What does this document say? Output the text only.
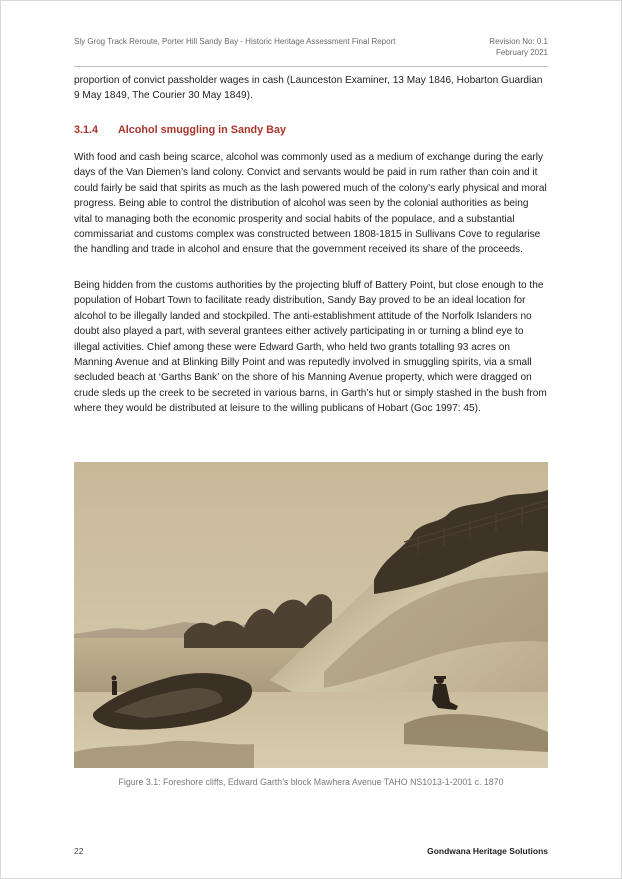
Sly Grog Track Reroute, Porter Hill Sandy Bay - Historic Heritage Assessment Final Report	Revision No: 0.1
February 2021
proportion of convict passholder wages in cash (Launceston Examiner, 13 May 1846, Hobarton Guardian 9 May 1849, The Courier 30 May 1849).
3.1.4 Alcohol smuggling in Sandy Bay
With food and cash being scarce, alcohol was commonly used as a medium of exchange during the early days of the Van Diemen’s land colony. Convict and servants would be paid in rum rather than coin and it could fairly be said that spirits as much as the lash powered much of the colony’s early physical and moral progress. Being able to control the distribution of alcohol was seen by the colonial authorities as being vital to managing both the economic prosperity and social habits of the populace, and a substantial commissariat and customs complex was constructed between 1808-1815 in Sullivans Cove to regularise the handling and trade in alcohol and ensure that the government received its share of the proceeds.
Being hidden from the customs authorities by the projecting bluff of Battery Point, but close enough to the population of Hobart Town to facilitate ready distribution, Sandy Bay proved to be an ideal location for alcohol to be illegally landed and stockpiled. The anti-establishment attitude of the Norfolk Islanders no doubt also played a part, with several grantees either actively participating in or turning a blind eye to illegal activities. Chief among these were Edward Garth, who held two grants totalling 93 acres on Manning Avenue and at Blinking Billy Point and was reputedly involved in smuggling spirits, via a small secluded beach at ‘Garths Bank’ on the shore of his Manning Avenue property, which were dragged on crude sleds up the creek to be secreted in various barns, in Garth’s hut or simply stashed in the bush from where they would be distributed at leisure to the willing publicans of Hobart (Goc 1997: 45).
Figure 3.1: Foreshore cliffs, Edward Garth’s block Mawhera Avenue TAHO NS1013-1-2001 c. 1870
22	Gondwana Heritage Solutions
